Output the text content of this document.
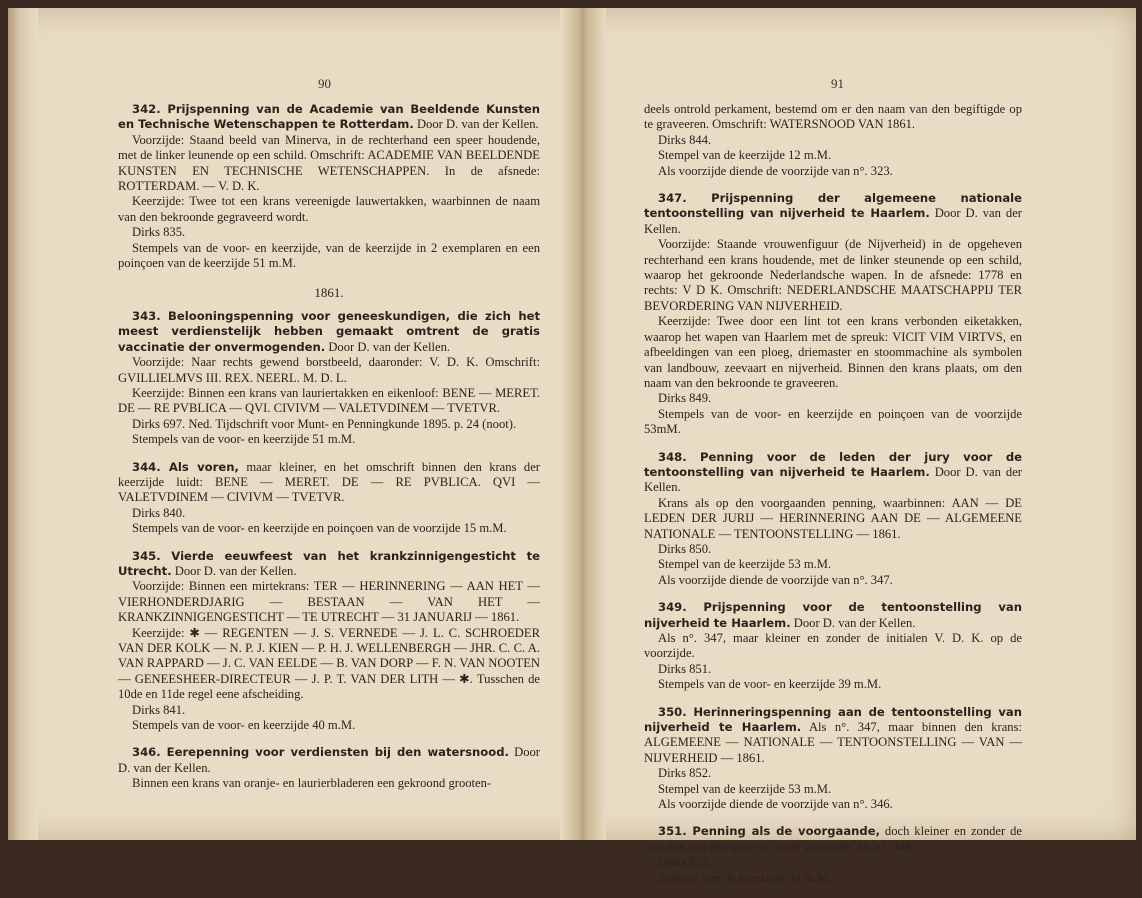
90	91

342. Prijspenning van de Academie van Beeldende Kunsten en Technische Wetenschappen te Rotterdam. Door D. van der Kellen.

Voorzijde: Staand beeld van Minerva, in de rechterhand een speer houdende, met de linker leunende op een schild. Omschrift: ACADEMIE VAN BEELDENDE KUNSTEN EN TECHNISCHE WETENSCHAPPEN. In de afsnede: ROTTERDAM. — V. D. K.

Keerzijde: Twee tot een krans vereenigde lauwertakken, waarbinnen de naam van den bekroonde gegraveerd wordt.

Dirks 835.

Stempels van de voor- en keerzijde, van de keerzijde in 2 exemplaren en een poinçoen van de keerzijde 51 m.M.

1861.

343. Belooningspenning voor geneeskundigen, die zich het meest verdienstelijk hebben gemaakt omtrent de gratis vaccinatie der onvermogenden. Door D. van der Kellen.

Voorzijde: Naar rechts gewend borstbeeld, daaronder: V. D. K. Omschrift: GVILLIELMVS III. REX. NEERL. M. D. L.

Keerzijde: Binnen een krans van lauriertakken en eikenloof: BENE — MERET. DE — RE PVBLICA — QVI. CIVIVM — VALETVDINEM — TVETVR.

Dirks 697. Ned. Tijdschrift voor Munt- en Penningkunde 1895. p. 24 (noot).

Stempels van de voor- en keerzijde 51 m.M.

344. Als voren, maar kleiner, en het omschrift binnen den krans der keerzijde luidt: BENE — MERET. DE — RE PVBLICA. QVI — VALETVDINEM — CIVIVM — TVETVR.

Dirks 840.

Stempels van de voor- en keerzijde en poinçoen van de voorzijde 15 m.M.

345. Vierde eeuwfeest van het krankzinnigengesticht te Utrecht. Door D. van der Kellen.

Voorzijde: Binnen een mirtekrans: TER — HERINNERING — AAN HET — VIERHONDERDJARIG — BESTAAN — VAN HET — KRANKZINNIGENGESTICHT — TE UTRECHT — 31 JANUARIJ — 1861.

Keerzijde: ✱ — REGENTEN — J. S. VERNEDE — J. L. C. SCHROEDER VAN DER KOLK — N. P. J. KIEN — P. H. J. WELLENBERGH — JHR. C. C. A. VAN RAPPARD — J. C. VAN EELDE — B. VAN DORP — F. N. VAN NOOTEN — GENEESHEER-DIRECTEUR — J. P. T. VAN DER LITH — ✱. Tusschen de 10de en 11de regel eene afscheiding.

Dirks 841.

Stempels van de voor- en keerzijde 40 m.M.

346. Eerepenning voor verdiensten bij den watersnood. Door D. van der Kellen.

Binnen een krans van oranje- en laurierbladeren een gekroond grooten-

deels ontrold perkament, bestemd om er den naam van den begiftigde op te graveeren. Omschrift: WATERSNOOD VAN 1861.

Dirks 844.

Stempel van de keerzijde 12 m.M.

Als voorzijde diende de voorzijde van n°. 323.

347. Prijspenning der algemeene nationale tentoonstelling van nijverheid te Haarlem. Door D. van der Kellen.

Voorzijde: Staande vrouwenfiguur (de Nijverheid) in de opgeheven rechterhand een krans houdende, met de linker steunende op een schild, waarop het gekroonde Nederlandsche wapen. In de afsnede: 1778 en rechts: V D K. Omschrift: NEDERLANDSCHE MAATSCHAPPIJ TER BEVORDERING VAN NIJVERHEID.

Keerzijde: Twee door een lint tot een krans verbonden eiketakken, waarop het wapen van Haarlem met de spreuk: VICIT VIM VIRTVS, en afbeeldingen van een ploeg, driemaster en stoommachine als symbolen van landbouw, zeevaart en nijverheid. Binnen den krans plaats, om den naam van den bekroonde te graveeren.

Dirks 849.

Stempels van de voor- en keerzijde en poinçoen van de voorzijde 53mM.

348. Penning voor de leden der jury voor de tentoonstelling van nijverheid te Haarlem. Door D. van der Kellen.

Krans als op den voorgaanden penning, waarbinnen: AAN — DE LEDEN DER JURIJ — HERINNERING AAN DE — ALGEMEENE NATIONALE — TENTOONSTELLING — 1861.

Dirks 850.

Stempel van de keerzijde 53 m.M.

Als voorzijde diende de voorzijde van n°. 347.

349. Prijspenning voor de tentoonstelling van nijverheid te Haarlem. Door D. van der Kellen.

Als n°. 347, maar kleiner en zonder de initialen V. D. K. op de voorzijde.

Dirks 851.

Stempels van de voor- en keerzijde 39 m.M.

350. Herinneringspenning aan de tentoonstelling van nijverheid te Haarlem. Als n°. 347, maar binnen den krans: ALGEMEENE — NATIONALE — TENTOONSTELLING — VAN — NIJVERHEID — 1861.

Dirks 852.

Stempel van de keerzijde 53 m.M.

Als voorzijde diende de voorzijde van n°. 346.

351. Penning als de voorgaande, doch kleiner en zonder de initialen van den graveur op de voorzijde, als n°. 349.

Dirks 853.

Stempel van de keerzijde 39 m.M.
